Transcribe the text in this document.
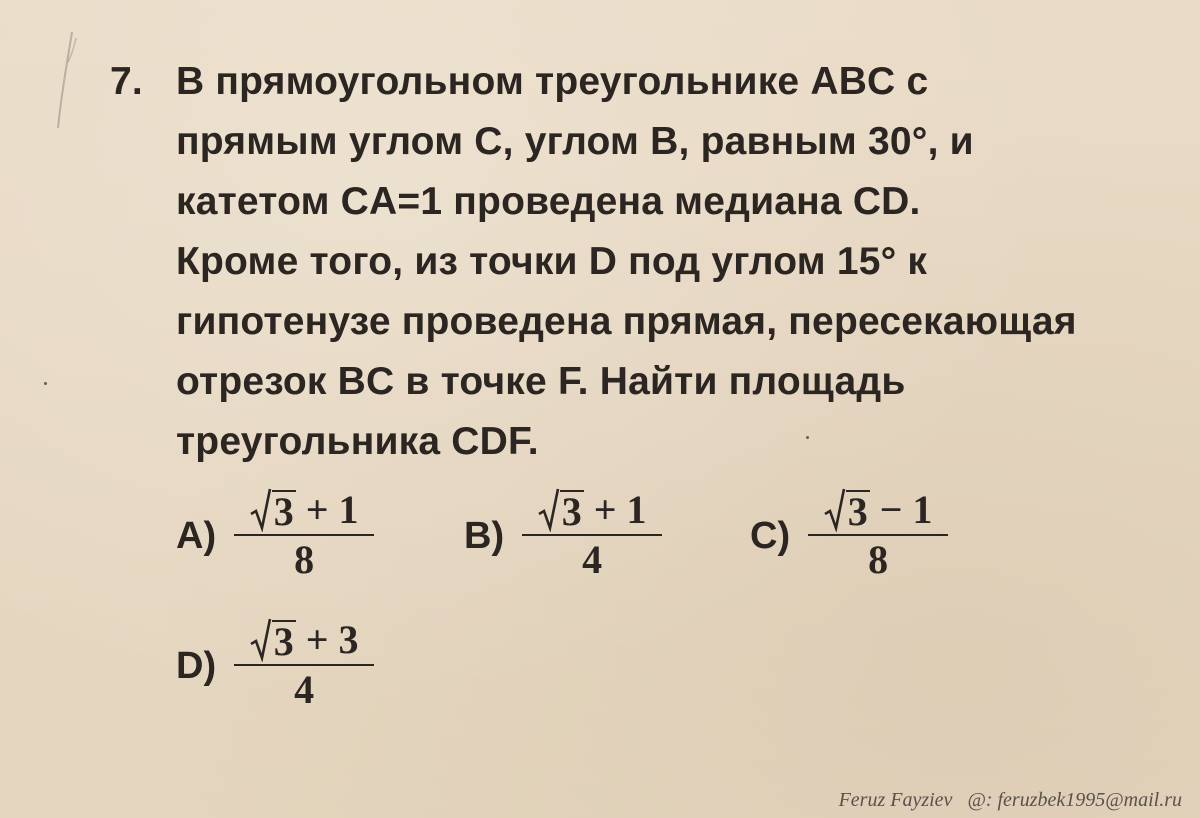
7. В прямоугольном треугольнике ABC с
прямым углом C, углом B, равным 30°, и
катетом CA=1 проведена медиана CD.
Кроме того, из точки D под углом 15° к
гипотенузе проведена прямая, пересекающая
отрезок BC в точке F. Найти площадь
треугольника CDF.
$A) \frac{3 + 1}{8} B) \frac{3 + 1}{4} C) \frac{3 - 1}{8}$
$D) \frac{3 + 3}{4}$
Feruz Fayziev @: feruzbek1995@mail.ru
